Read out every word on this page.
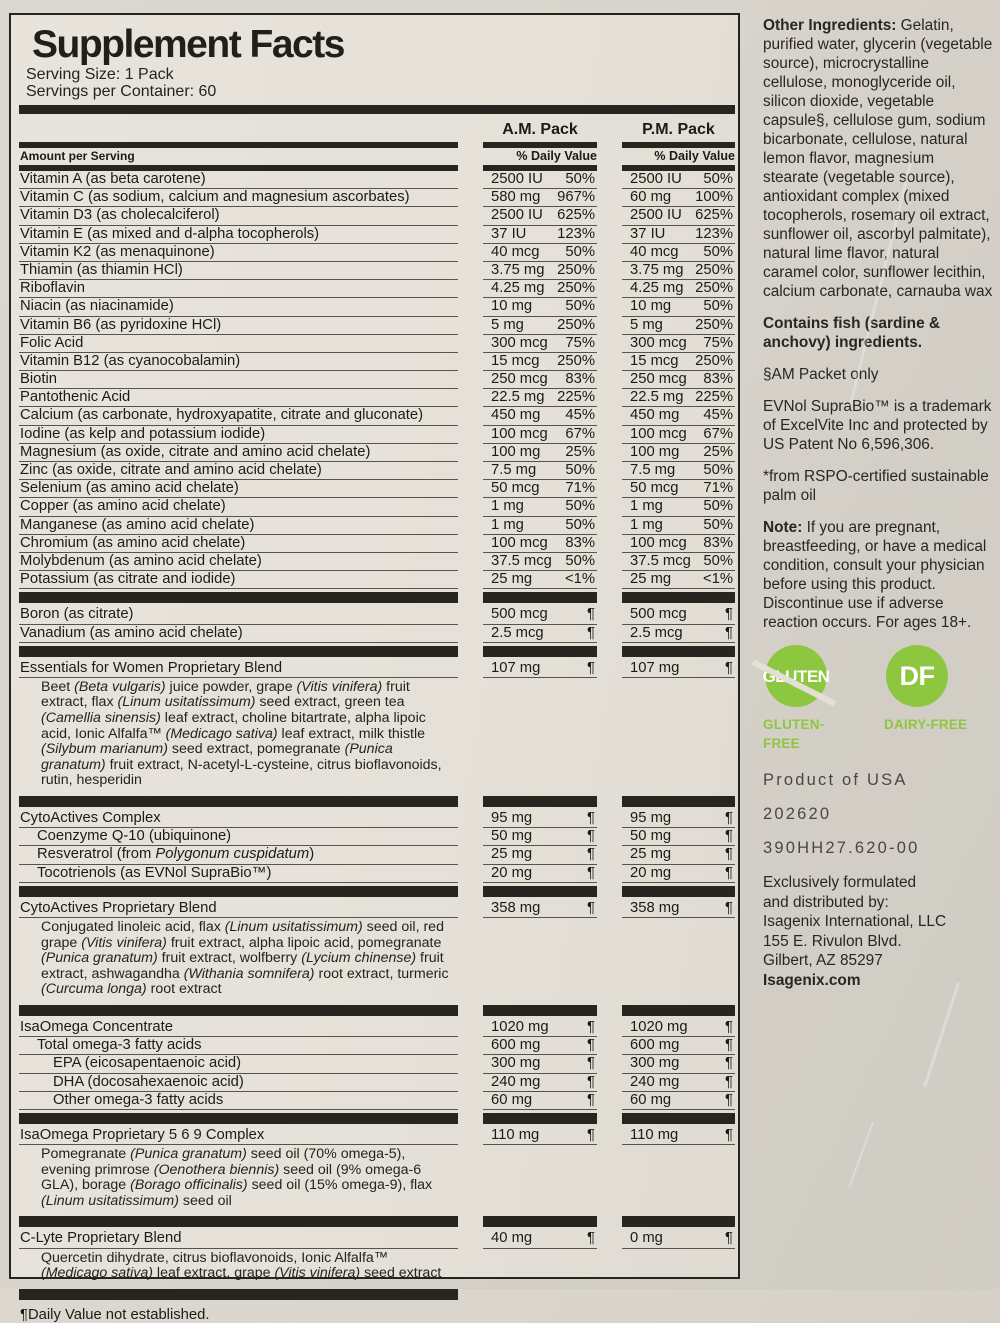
Supplement Facts
Serving Size: 1 Pack
Servings per Container: 60
A.M. Pack	P.M. Pack
Amount per Serving	% Daily Value	% Daily Value
Vitamin A (as beta carotene)	2500 IU 50% 2500 IU 50%
Vitamin C (as sodium, calcium and magnesium ascorbates)	580 mg 967% 60 mg 100%
Vitamin D3 (as cholecalciferol)	2500 IU 625% 2500 IU 625%
Vitamin E (as mixed and d-alpha tocopherols)	37 IU 123% 37 IU 123%
Vitamin K2 (as menaquinone)	40 mcg 50% 40 mcg 50%
Thiamin (as thiamin HCl)	3.75 mg 250% 3.75 mg 250%
Riboflavin	4.25 mg 250% 4.25 mg 250%
Niacin (as niacinamide)	10 mg 50% 10 mg 50%
Vitamin B6 (as pyridoxine HCl)	5 mg 250% 5 mg 250%
Folic Acid	300 mcg 75% 300 mcg 75%
Vitamin B12 (as cyanocobalamin)	15 mcg 250% 15 mcg 250%
Biotin	250 mcg 83% 250 mcg 83%
Pantothenic Acid	22.5 mg 225% 22.5 mg 225%
Calcium (as carbonate, hydroxyapatite, citrate and gluconate)	450 mg 45% 450 mg 45%
Iodine (as kelp and potassium iodide)	100 mcg 67% 100 mcg 67%
Magnesium (as oxide, citrate and amino acid chelate)	100 mg 25% 100 mg 25%
Zinc (as oxide, citrate and amino acid chelate)	7.5 mg 50% 7.5 mg 50%
Selenium (as amino acid chelate)	50 mcg 71% 50 mcg 71%
Copper (as amino acid chelate)	1 mg	50% 1 mg	50%
Manganese (as amino acid chelate)	1 mg	50% 1 mg	50%
Chromium (as amino acid chelate)	100 mcg 83% 100 mcg 83%
Molybdenum (as amino acid chelate)	37.5 mcg 50% 37.5 mcg 50%
Potassium (as citrate and iodide)	25 mg <1% 25 mg <1%
Boron (as citrate)	500 mcg	¶ 500 mcg	¶
Vanadium (as amino acid chelate)	2.5 mcg	¶ 2.5 mcg	¶
Essentials for Women Proprietary Blend	107 mg	¶ 107 mg	¶
Beet (Beta vulgaris) juice powder, grape (Vitis vinifera) fruit extract, flax (Linum usitatissimum) seed extract, green tea (Camellia sinensis) leaf extract, choline bitartrate, alpha lipoic acid, Ionic Alfalfa™ (Medicago sativa) leaf extract, milk thistle (Silybum marianum) seed extract, pomegranate (Punica granatum) fruit extract, N-acetyl-L-cysteine, citrus bioflavonoids, rutin, hesperidin
CytoActives Complex	95 mg	¶ 95 mg	¶
Coenzyme Q-10 (ubiquinone)	50 mg	¶ 50 mg	¶
Resveratrol (from Polygonum cuspidatum)	25 mg	¶ 25 mg	¶
Tocotrienols (as EVNol SupraBio™)	20 mg	¶ 20 mg	¶
CytoActives Proprietary Blend	358 mg	¶ 358 mg	¶
Conjugated linoleic acid, flax (Linum usitatissimum) seed oil, red grape (Vitis vinifera) fruit extract, alpha lipoic acid, pomegranate (Punica granatum) fruit extract, wolfberry (Lycium chinense) fruit extract, ashwagandha (Withania somnifera) root extract, turmeric (Curcuma longa) root extract
IsaOmega Concentrate	1020 mg	¶ 1020 mg	¶
Total omega-3 fatty acids	600 mg	¶ 600 mg	¶
EPA (eicosapentaenoic acid)	300 mg	¶ 300 mg	¶
DHA (docosahexaenoic acid)	240 mg	¶ 240 mg	¶
Other omega-3 fatty acids	60 mg	¶ 60 mg	¶
IsaOmega Proprietary 5 6 9 Complex	110 mg	¶ 110 mg	¶
Pomegranate (Punica granatum) seed oil (70% omega-5), evening primrose (Oenothera biennis) seed oil (9% omega-6 GLA), borage (Borago officinalis) seed oil (15% omega-9), flax (Linum usitatissimum) seed oil
C-Lyte Proprietary Blend	40 mg	¶ 0 mg	¶
Quercetin dihydrate, citrus bioflavonoids, Ionic Alfalfa™ (Medicago sativa) leaf extract, grape (Vitis vinifera) seed extract
¶Daily Value not established.

Other Ingredients: Gelatin, purified water, glycerin (vegetable source), microcrystalline cellulose, monoglyceride oil, silicon dioxide, vegetable capsule§, cellulose gum, sodium bicarbonate, cellulose, natural lemon flavor, magnesium stearate (vegetable source), antioxidant complex (mixed tocopherols, rosemary oil extract, sunflower oil, ascorbyl palmitate), natural lime flavor, natural caramel color, sunflower lecithin, calcium carbonate, carnauba wax

Contains fish (sardine & anchovy) ingredients.

§AM Packet only

EVNol SupraBio™ is a trademark of ExcelVite Inc and protected by US Patent No 6,596,306.

*from RSPO-certified sustainable palm oil

Note: If you are pregnant, breastfeeding, or have a medical condition, consult your physician before using this product. Discontinue use if adverse reaction occurs. For ages 18+.

GLUTEN
GLUTEN-FREE
DF
DAIRY-FREE

Product of USA

202620

390HH27.620-00

Exclusively formulated
and distributed by:
Isagenix International, LLC
155 E. Rivulon Blvd.
Gilbert, AZ 85297
Isagenix.com
